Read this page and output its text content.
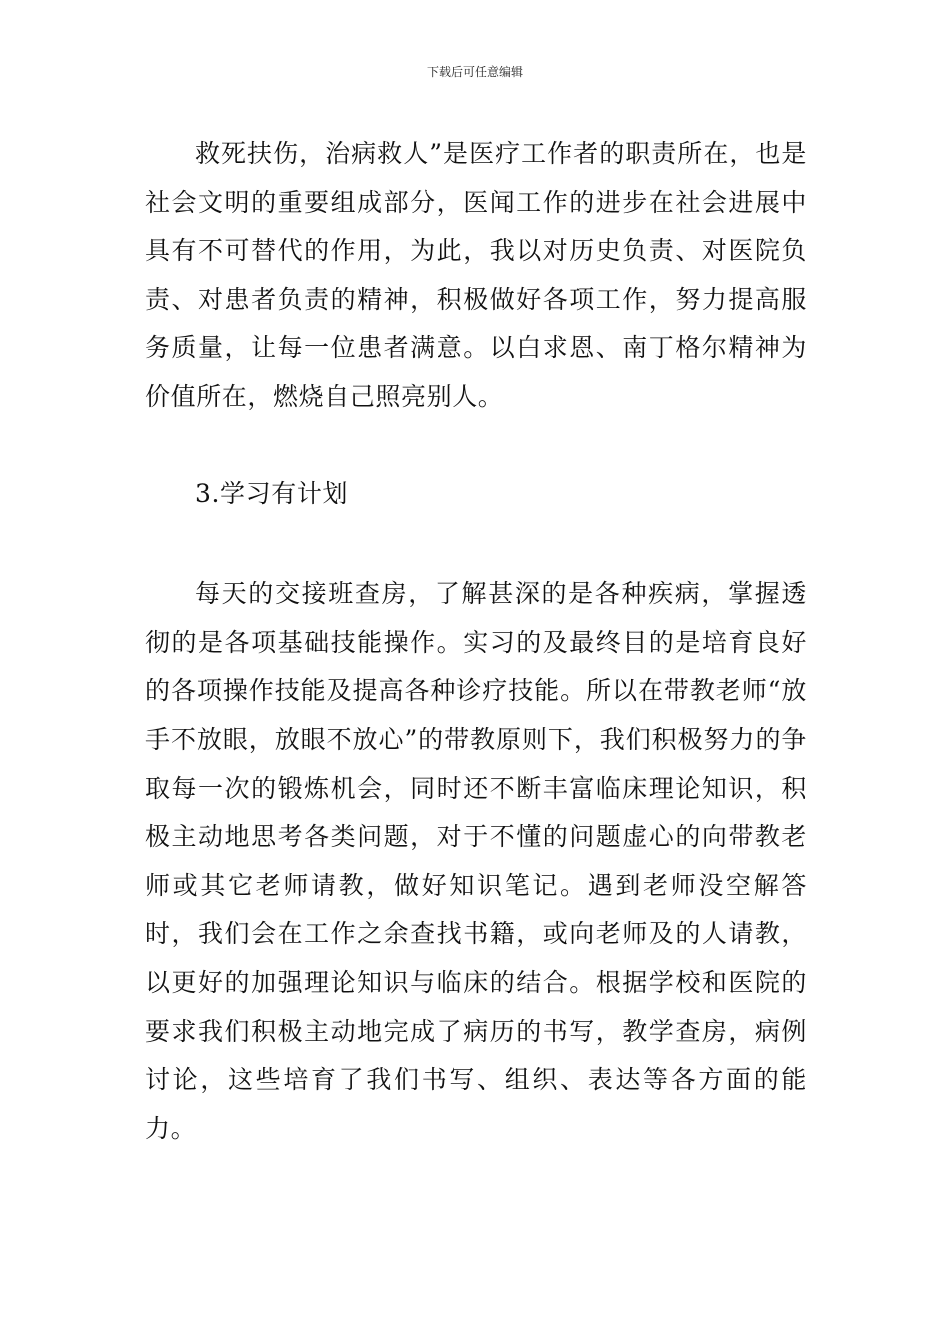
下载后可任意编辑

救死扶伤，治病救人”是医疗工作者的职责所在，也是社会文明的重要组成部分，医闻工作的进步在社会进展中具有不可替代的作用，为此，我以对历史负责、对医院负责、对患者负责的精神，积极做好各项工作，努力提高服务质量，让每一位患者满意。以白求恩、南丁格尔精神为价值所在，燃烧自己照亮别人。

3.学习有计划

每天的交接班查房，了解甚深的是各种疾病，掌握透彻的是各项基础技能操作。实习的及最终目的是培育良好的各项操作技能及提高各种诊疗技能。所以在带教老师“放手不放眼，放眼不放心”的带教原则下，我们积极努力的争取每一次的锻炼机会，同时还不断丰富临床理论知识，积极主动地思考各类问题，对于不懂的问题虚心的向带教老师或其它老师请教，做好知识笔记。遇到老师没空解答时，我们会在工作之余查找书籍，或向老师及的人请教，以更好的加强理论知识与临床的结合。根据学校和医院的要求我们积极主动地完成了病历的书写，教学查房，病例讨论，这些培育了我们书写、组织、表达等各方面的能力。
